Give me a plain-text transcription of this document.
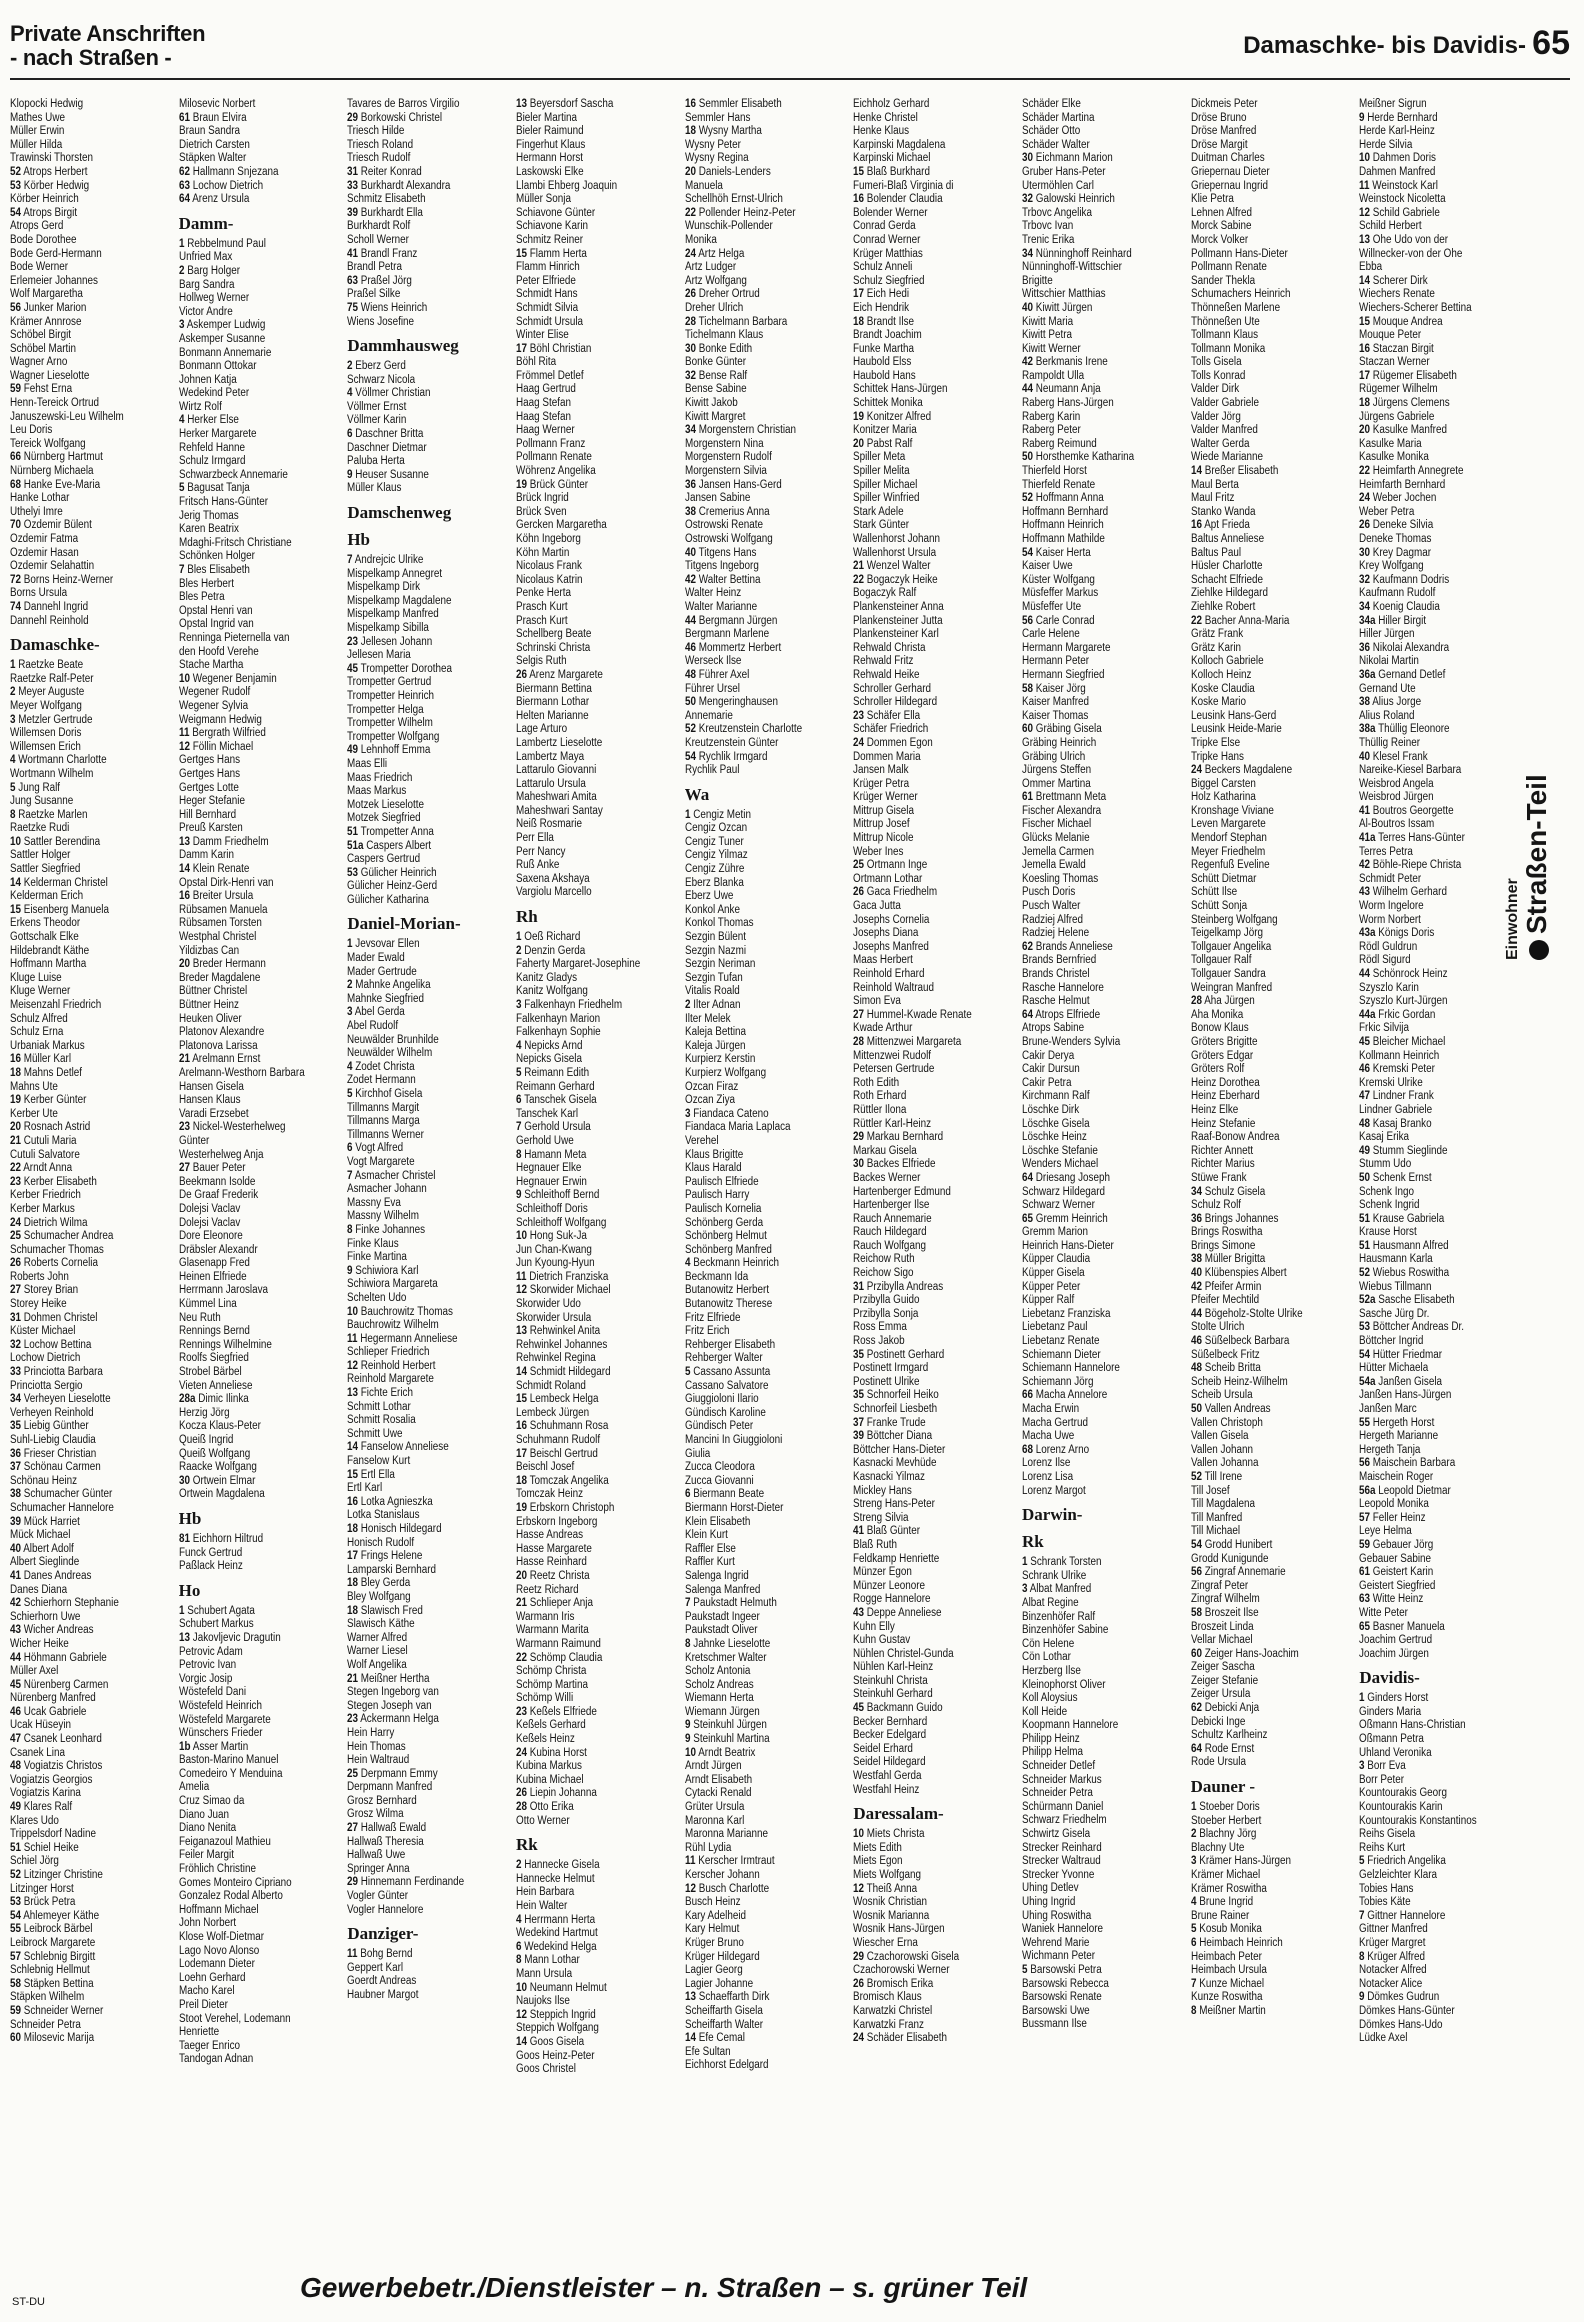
Private Anschriften
- nach Straßen -	Damaschke- bis Davidis- 65
Klopocki Hedwig
Mathes Uwe
Müller Erwin
Müller Hilda
Trawinski Thorsten
52 Atrops Herbert
53 Körber Hedwig
Körber Heinrich
54 Atrops Birgit
Atrops Gerd
Bode Dorothee
Bode Gerd-Hermann
Bode Werner
Erlemeier Johannes
Wolf Margaretha
56 Junker Marion
Krämer Annrose
Schöbel Birgit
Schöbel Martin
Wagner Arno
Wagner Lieselotte
59 Fehst Erna
Henn-Tereick Ortrud
Januszewski-Leu Wilhelm
Leu Doris
Tereick Wolfgang
66 Nürnberg Hartmut
Nürnberg Michaela
68 Hanke Eve-Maria
Hanke Lothar
Uthelyi Imre
70 Özdemir Bülent
Özdemir Fatma
Özdemir Hasan
Özdemir Selahattin
72 Borns Heinz-Werner
Borns Ursula
74 Dannehl Ingrid
Dannehl Reinhold
Damaschke-
1 Raetzke Beate
Raetzke Ralf-Peter
2 Meyer Auguste
Meyer Wolfgang
3 Metzler Gertrude
Willemsen Doris
Willemsen Erich
4 Wortmann Charlotte
Wortmann Wilhelm
5 Jung Ralf
Jung Susanne
8 Raetzke Marlen
Raetzke Rudi
10 Sattler Berendina
Sattler Holger
Sattler Siegfried
14 Kelderman Christel
Kelderman Erich
15 Eisenberg Manuela
Erkens Theodor
Gottschalk Elke
Hildebrandt Käthe
Hoffmann Martha
Kluge Luise
Kluge Werner
Meisenzahl Friedrich
Schulz Alfred
Schulz Erna
Urbaniak Markus
16 Müller Karl
18 Mahns Detlef
Mahns Ute
19 Kerber Günter
Kerber Ute
20 Rosnach Astrid
21 Cutuli Maria
Cutuli Salvatore
22 Arndt Anna
23 Kerber Elisabeth
Kerber Friedrich
Kerber Markus
24 Dietrich Wilma
25 Schumacher Andrea
Schumacher Thomas
26 Roberts Cornelia
Roberts John
27 Storey Brian
Storey Heike
31 Dohmen Christel
Küster Michael
32 Lochow Bettina
Lochow Dietrich
33 Princiotta Barbara
Princiotta Sergio
34 Verheyen Lieselotte
Verheyen Reinhold
35 Liebig Günther
Suhl-Liebig Claudia
36 Frieser Christian
37 Schönau Carmen
Schönau Heinz
38 Schumacher Günter
Schumacher Hannelore
39 Mück Harriet
Mück Michael
40 Albert Adolf
Albert Sieglinde
41 Danes Andreas
Danes Diana
42 Schierhorn Stephanie
Schierhorn Uwe
43 Wicher Andreas
Wicher Heike
44 Höhmann Gabriele
Müller Axel
45 Nürenberg Carmen
Nürenberg Manfred
46 Ucak Gabriele
Ucak Hüseyin
47 Csanek Leonhard
Csanek Lina
48 Vogiatzis Christos
Vogiatzis Georgios
Vogiatzis Karina
49 Klares Ralf
Klares Udo
Trippelsdorf Nadine
51 Schiel Heike
Schiel Jörg
52 Litzinger Christine
Litzinger Horst
53 Brück Petra
54 Ahlemeyer Käthe
55 Leibrock Bärbel
Leibrock Margarete
57 Schlebnig Birgitt
Schlebnig Hellmut
58 Stäpken Bettina
Stäpken Wilhelm
59 Schneider Werner
Schneider Petra
60 Milosevic Marija
Milosevic Norbert
61 Braun Elvira
Braun Sandra
Dietrich Carsten
Stäpken Walter
62 Hallmann Snjezana
63 Lochow Dietrich
64 Arenz Ursula
Damm-
1 Rebbelmund Paul
Unfried Max
2 Barg Holger
Barg Sandra
Hollweg Werner
Victor Andre
3 Askemper Ludwig
Askemper Susanne
Bonmann Annemarie
Bonmann Ottokar
Johnen Katja
Wedekind Peter
Wirtz Rolf
4 Herker Else
Herker Margarete
Rehfeld Hanne
Schulz Irmgard
Schwarzbeck Annemarie
5 Bagusat Tanja
Fritsch Hans-Günter
Jerig Thomas
Karen Beatrix
Mdaghi-Fritsch Christiane
Schönken Holger
7 Bles Elisabeth
Bles Herbert
Bles Petra
Opstal Henri van
Opstal Ingrid van
Renninga Pieternella van
den Hoofd Verehe
Stache Martha
10 Wegener Benjamin
Wegener Rudolf
Wegener Sylvia
Weigmann Hedwig
11 Bergrath Wilfried
12 Föllin Michael
Gertges Hans
Gertges Hans
Gertges Lotte
Heger Stefanie
Hill Bernhard
Preuß Karsten
13 Damm Friedhelm
Damm Karin
14 Klein Renate
Opstal Dirk-Henri van
16 Breiter Ursula
Rübsamen Manuela
Rübsamen Torsten
Westphal Christel
Yildizbas Can
20 Breder Hermann
Breder Magdalene
Büttner Christel
Büttner Heinz
Heuken Oliver
Platonov Alexandre
Platonova Larissa
21 Arelmann Ernst
Arelmann-Westhorn Barbara
Hansen Gisela
Hansen Klaus
Varadi Erzsebet
23 Nickel-Westerhelweg
Günter
Westerhelweg Anja
27 Bauer Peter
Beekmann Isolde
De Graaf Frederik
Dolejsi Vaclav
Dolejsi Vaclav
Dore Eleonore
Dräbsler Alexandr
Glasenapp Fred
Heinen Elfriede
Herrmann Jaroslava
Kümmel Lina
Neu Ruth
Rennings Bernd
Rennings Wilhelmine
Roolfs Siegfried
Strobel Bärbel
Vieten Anneliese
28a Dimic Ilinka
Herzig Jörg
Kocza Klaus-Peter
Queiß Ingrid
Queiß Wolfgang
Raacke Wolfgang
30 Ortwein Elmar
Ortwein Magdalena
Hb
81 Eichhorn Hiltrud
Funck Gertrud
Paßlack Heinz
Ho
1 Schubert Agata
Schubert Markus
13 Jakovljevic Dragutin
Petrovic Adam
Petrovic Ivan
Vorgic Josip
Wöstefeld Dani
Wöstefeld Heinrich
Wöstefeld Margarete
Wünschers Frieder
1b Asser Martin
Baston-Marino Manuel
Comedeiro Y Menduina
Amelia
Cruz Simao da
Diano Juan
Diano Nenita
Feiganazoul Mathieu
Feiler Margit
Fröhlich Christine
Gomes Monteiro Cipriano
Gonzalez Rodal Alberto
Hoffmann Michael
John Norbert
Klose Wolf-Dietmar
Lago Novo Alonso
Lodemann Dieter
Loehn Gerhard
Macho Karel
Preil Dieter
Stoot Verehel, Lodemann
Henriette
Taeger Enrico
Tandogan Adnan
Tavares de Barros Virgilio
29 Borkowski Christel
Triesch Hilde
Triesch Roland
Triesch Rudolf
31 Reiter Konrad
33 Burkhardt Alexandra
Schmitz Elisabeth
39 Burkhardt Ella
Burkhardt Rolf
Scholl Werner
41 Brandl Franz
Brandl Petra
63 Praßel Jörg
Praßel Silke
75 Wiens Heinrich
Wiens Josefine
Dammhausweg
2 Eberz Gerd
Schwarz Nicola
4 Völlmer Christian
Völlmer Ernst
Völlmer Karin
6 Daschner Britta
Daschner Dietmar
Paluba Herta
9 Heuser Susanne
Müller Klaus
Damschenweg
Hb
7 Andrejcic Ulrike
Mispelkamp Annegret
Mispelkamp Dirk
Mispelkamp Magdalene
Mispelkamp Manfred
Mispelkamp Sibilla
23 Jellesen Johann
Jellesen Maria
45 Trompetter Dorothea
Trompetter Gertrud
Trompetter Heinrich
Trompetter Helga
Trompetter Wilhelm
Trompetter Wolfgang
49 Lehnhoff Emma
Maas Elli
Maas Friedrich
Maas Markus
Motzek Lieselotte
Motzek Siegfried
51 Trompetter Anna
51a Caspers Albert
Caspers Gertrud
53 Gülicher Heinrich
Gülicher Heinz-Gerd
Gülicher Katharina
Daniel-Morian-
1 Jevsovar Ellen
Mader Ewald
Mader Gertrude
2 Mahnke Angelika
Mahnke Siegfried
3 Abel Gerda
Abel Rudolf
Neuwälder Brunhilde
Neuwälder Wilhelm
4 Zodet Christa
Zodet Hermann
5 Kirchhof Gisela
Tillmanns Margit
Tillmanns Marga
Tillmanns Werner
6 Vogt Alfred
Vogt Margarete
7 Asmacher Christel
Asmacher Johann
Massny Eva
Massny Wilhelm
8 Finke Johannes
Finke Klaus
Finke Martina
9 Schiwiora Karl
Schiwiora Margareta
Schelten Udo
10 Bauchrowitz Thomas
Bauchrowitz Wilhelm
11 Hegermann Anneliese
Schlieper Friedrich
12 Reinhold Herbert
Reinhold Margarete
13 Fichte Erich
Schmitt Lothar
Schmitt Rosalia
Schmitt Uwe
14 Fanselow Anneliese
Fanselow Kurt
15 Ertl Ella
Ertl Karl
16 Lotka Agnieszka
Lotka Stanislaus
18 Honisch Hildegard
Honisch Rudolf
17 Frings Helene
Lamparski Bernhard
18 Bley Gerda
Bley Wolfgang
18 Slawisch Fred
Slawisch Käthe
Warner Alfred
Warner Liesel
Wolf Angelika
21 Meißner Hertha
Stegen Ingeborg van
Stegen Joseph van
23 Ackermann Helga
Hein Harry
Hein Thomas
Hein Waltraud
25 Derpmann Emmy
Derpmann Manfred
Grosz Bernhard
Grosz Wilma
27 Hallwaß Ewald
Hallwaß Theresia
Hallwaß Uwe
Springer Anna
29 Hinnemann Ferdinande
Vogler Günter
Vogler Hannelore
Danziger-
11 Bohg Bernd
Geppert Karl
Goerdt Andreas
Haubner Margot
13 Beyersdorf Sascha
Bieler Martina
Bieler Raimund
Fingerhut Klaus
Hermann Horst
Laskowski Elke
Llambi Ehberg Joaquin
Müller Sonja
Schiavone Günter
Schiavone Karin
Schmitz Reiner
15 Flamm Herta
Flamm Hinrich
Peter Elfriede
Schmidt Hans
Schmidt Silvia
Schmidt Ursula
Winter Elise
17 Böhl Christian
Böhl Rita
Frömmel Detlef
Haag Gertrud
Haag Stefan
Haag Stefan
Haag Werner
Pollmann Franz
Pollmann Renate
Wöhrenz Angelika
19 Brück Günter
Brück Ingrid
Brück Sven
Gercken Margaretha
Köhn Ingeborg
Köhn Martin
Nicolaus Frank
Nicolaus Katrin
Penke Herta
Prasch Kurt
Prasch Kurt
Schellberg Beate
Schrinski Christa
Selgis Ruth
26 Arenz Margarete
Biermann Bettina
Biermann Lothar
Helten Marianne
Lage Arturo
Lambertz Lieselotte
Lambertz Maya
Lattarulo Giovanni
Lattarulo Ursula
Maheshwari Amita
Maheshwari Santay
Neiß Rosmarie
Perr Ella
Perr Nancy
Ruß Anke
Saxena Akshaya
Vargiolu Marcello
Rh
1 Oeß Richard
2 Denzin Gerda
Faherty Margaret-Josephine
Kanitz Gladys
Kanitz Wolfgang
3 Falkenhayn Friedhelm
Falkenhayn Marion
Falkenhayn Sophie
4 Nepicks Arnd
Nepicks Gisela
5 Reimann Edith
Reimann Gerhard
6 Tanschek Gisela
Tanschek Karl
7 Gerhold Ursula
Gerhold Uwe
8 Hamann Meta
Hegnauer Elke
Hegnauer Erwin
9 Schleithoff Bernd
Schleithoff Doris
Schleithoff Wolfgang
10 Hong Suk-Ja
Jun Chan-Kwang
Jun Kyoung-Hyun
11 Dietrich Franziska
12 Skorwider Michael
Skorwider Udo
Skorwider Ursula
13 Rehwinkel Anita
Rehwinkel Johannes
Rehwinkel Regina
14 Schmidt Hildegard
Schmidt Roland
15 Lembeck Helga
Lembeck Jürgen
16 Schuhmann Rosa
Schuhmann Rudolf
17 Beischl Gertrud
Beischl Josef
18 Tomczak Angelika
Tomczak Heinz
19 Erbskorn Christoph
Erbskorn Ingeborg
Hasse Andreas
Hasse Margarete
Hasse Reinhard
20 Reetz Christa
Reetz Richard
21 Schlieper Anja
Warmann Iris
Warmann Marita
Warmann Raimund
22 Schömp Claudia
Schömp Christa
Schömp Martina
Schömp Willi
23 Keßels Elfriede
Keßels Gerhard
Keßels Heinz
24 Kubina Horst
Kubina Markus
Kubina Michael
26 Liepin Johanna
28 Otto Erika
Otto Werner
Rk
2 Hannecke Gisela
Hannecke Helmut
Hein Barbara
Hein Walter
4 Herrmann Herta
Wedekind Hartmut
6 Wedekind Helga
8 Mann Lothar
Mann Ursula
10 Neumann Helmut
Naujoks Ilse
12 Steppich Ingrid
Steppich Wolfgang
14 Goos Gisela
Goos Heinz-Peter
Goos Christel
16 Semmler Elisabeth
Semmler Hans
18 Wysny Martha
Wysny Peter
Wysny Regina
20 Daniels-Lenders
Manuela
Schellhöh Ernst-Ulrich
22 Pollender Heinz-Peter
Wunschik-Pollender
Monika
24 Artz Helga
Artz Ludger
Artz Wolfgang
26 Dreher Ortrud
Dreher Ulrich
28 Tichelmann Barbara
Tichelmann Klaus
30 Bonke Edith
Bonke Günter
32 Bense Ralf
Bense Sabine
Kiwitt Jakob
Kiwitt Margret
34 Morgenstern Christian
Morgenstern Nina
Morgenstern Rudolf
Morgenstern Silvia
36 Jansen Hans-Gerd
Jansen Sabine
38 Cremerius Anna
Ostrowski Renate
Ostrowski Wolfgang
40 Titgens Hans
Titgens Ingeborg
42 Walter Bettina
Walter Heinz
Walter Marianne
44 Bergmann Jürgen
Bergmann Marlene
46 Mommertz Herbert
Werseck Ilse
48 Führer Axel
Führer Ursel
50 Mengeringhausen
Annemarie
52 Kreutzenstein Charlotte
Kreutzenstein Günter
54 Rychlik Irmgard
Rychlik Paul
Wa
1 Cengiz Metin
Cengiz Ozcan
Cengiz Tuner
Cengiz Yilmaz
Cengiz Zühre
Eberz Blanka
Eberz Uwe
Konkol Anke
Konkol Thomas
Sezgin Bülent
Sezgin Nazmi
Sezgin Neriman
Sezgin Tufan
Vitalis Roald
2 Ilter Adnan
Ilter Melek
Kaleja Bettina
Kaleja Jürgen
Kurpierz Kerstin
Kurpierz Wolfgang
Özcan Firaz
Özcan Ziya
3 Fiandaca Cateno
Fiandaca Maria Laplaca
Verehel
Klaus Brigitte
Klaus Harald
Paulisch Elfriede
Paulisch Harry
Paulisch Kornelia
Schönberg Gerda
Schönberg Helmut
Schönberg Manfred
4 Beckmann Heinrich
Beckmann Ida
Butanowitz Herbert
Butanowitz Therese
Fritz Elfriede
Fritz Erich
Rehberger Elisabeth
Rehberger Walter
5 Cassano Assunta
Cassano Salvatore
Giuggioloni Ilario
Gündisch Karoline
Gündisch Peter
Mancini In Giuggioloni
Giulia
Zucca Cleodora
Zucca Giovanni
6 Biermann Beate
Biermann Horst-Dieter
Klein Elisabeth
Klein Kurt
Raffler Else
Raffler Kurt
Salenga Ingrid
Salenga Manfred
7 Paukstadt Helmuth
Paukstadt Ingeer
Paukstadt Oliver
8 Jahnke Lieselotte
Kretschmer Walter
Scholz Antonia
Scholz Andreas
Wiemann Herta
Wiemann Jürgen
9 Steinkuhl Jürgen
9 Steinkuhl Martina
10 Arndt Beatrix
Arndt Jürgen
Arndt Elisabeth
Cytacki Renald
Grüter Ursula
Maronna Karl
Maronna Marianne
Rühl Lydia
11 Kerscher Irmtraut
Kerscher Johann
12 Busch Charlotte
Busch Heinz
Kary Adelheid
Kary Helmut
Krüger Bruno
Krüger Hildegard
Lagier Georg
Lagier Johanne
13 Schaeffarth Dirk
Scheiffarth Gisela
Scheiffarth Walter
14 Efe Cemal
Efe Sultan
Eichhorst Edelgard
Eichholz Gerhard
Henke Christel
Henke Klaus
Karpinski Magdalena
Karpinski Michael
15 Blaß Burkhard
Fumeri-Blaß Virginia di
16 Bolender Claudia
Bolender Werner
Conrad Gerda
Conrad Werner
Krüger Matthias
Schulz Anneli
Schulz Siegfried
17 Eich Hedi
Eich Hendrik
18 Brandt Ilse
Brandt Joachim
Funke Martha
Haubold Elss
Haubold Hans
Schittek Hans-Jürgen
Schittek Monika
19 Konitzer Alfred
Konitzer Maria
20 Pabst Ralf
Spiller Meta
Spiller Melita
Spiller Michael
Spiller Winfried
Stark Adele
Stark Günter
Wallenhorst Johann
Wallenhorst Ursula
21 Wenzel Walter
22 Bogaczyk Heike
Bogaczyk Ralf
Plankensteiner Anna
Plankensteiner Jutta
Plankensteiner Karl
Rehwald Christa
Rehwald Fritz
Rehwald Heike
Schroller Gerhard
Schroller Hildegard
23 Schäfer Ella
Schäfer Friedrich
24 Dommen Egon
Dommen Maria
Jansen Malk
Krüger Petra
Krüger Werner
Mittrup Gisela
Mittrup Josef
Mittrup Nicole
Weber Ines
25 Ortmann Inge
Ortmann Lothar
26 Gaca Friedhelm
Gaca Jutta
Josephs Cornelia
Josephs Diana
Josephs Manfred
Maas Herbert
Reinhold Erhard
Reinhold Waltraud
Simon Eva
27 Hummel-Kwade Renate
Kwade Arthur
28 Mittenzwei Margareta
Mittenzwei Rudolf
Petersen Gertrude
Roth Edith
Roth Erhard
Rüttler Ilona
Rüttler Karl-Heinz
29 Markau Bernhard
Markau Gisela
30 Backes Elfriede
Backes Werner
Hartenberger Edmund
Hartenberger Ilse
Rauch Annemarie
Rauch Hildegard
Rauch Wolfgang
Reichow Ruth
Reichow Sigo
31 Przibylla Andreas
Przibylla Guido
Przibylla Sonja
Ross Emma
Ross Jakob
35 Postinett Gerhard
Postinett Irmgard
Postinett Ulrike
35 Schnorfeil Heiko
Schnorfeil Liesbeth
37 Franke Trude
39 Böttcher Diana
Böttcher Hans-Dieter
Kasnacki Mevhüde
Kasnacki Yilmaz
Mickley Hans
Streng Hans-Peter
Streng Silvia
41 Blaß Günter
Blaß Ruth
Feldkamp Henriette
Münzer Egon
Münzer Leonore
Rogge Hannelore
43 Deppe Anneliese
Kuhn Elly
Kuhn Gustav
Nühlen Christel-Gunda
Nühlen Karl-Heinz
Steinkuhl Christa
Steinkuhl Gerhard
45 Backmann Guido
Becker Bernhard
Becker Edelgard
Seidel Erhard
Seidel Hildegard
Westfahl Gerda
Westfahl Heinz
Daressalam-
10 Miets Christa
Miets Edith
Miets Egon
Miets Wolfgang
12 Theiß Anna
Wosnik Christian
Wosnik Marianna
Wosnik Hans-Jürgen
Wiescher Erna
29 Czachorowski Gisela
Czachorowski Werner
26 Bromisch Erika
Bromisch Klaus
Karwatzki Christel
Karwatzki Franz
24 Schäder Elisabeth
Schäder Elke
Schäder Martina
Schäder Otto
Schäder Walter
30 Eichmann Marion
Gruber Hans-Peter
Utermöhlen Carl
32 Galowski Heinrich
Trbovc Angelika
Trbovc Ivan
Trenic Erika
34 Nünninghoff Reinhard
Nünninghoff-Wittschier
Brigitte
Wittschier Matthias
40 Kiwitt Jürgen
Kiwitt Maria
Kiwitt Petra
Kiwitt Werner
42 Berkmanis Irene
Rampoldt Ulla
44 Neumann Anja
Raberg Hans-Jürgen
Raberg Karin
Raberg Peter
Raberg Reimund
50 Horsthemke Katharina
Thierfeld Horst
Thierfeld Renate
52 Hoffmann Anna
Hoffmann Bernhard
Hoffmann Heinrich
Hoffmann Mathilde
54 Kaiser Herta
Kaiser Uwe
Küster Wolfgang
Müsfeffer Markus
Müsfeffer Ute
56 Carle Conrad
Carle Helene
Hermann Margarete
Hermann Peter
Hermann Siegfried
58 Kaiser Jörg
Kaiser Manfred
Kaiser Thomas
60 Gräbing Gisela
Gräbing Heinrich
Gräbing Ulrich
Jürgens Steffen
Ommer Martina
61 Brettmann Meta
Fischer Alexandra
Fischer Michael
Glücks Melanie
Jemella Carmen
Jemella Ewald
Koesling Thomas
Pusch Doris
Pusch Walter
Radziej Alfred
Radziej Helene
62 Brands Anneliese
Brands Bernfried
Brands Christel
Rasche Hannelore
Rasche Helmut
64 Atrops Elfriede
Atrops Sabine
Brune-Wenders Sylvia
Cakir Derya
Cakir Dursun
Cakir Petra
Kirchmann Ralf
Löschke Dirk
Löschke Gisela
Löschke Heinz
Löschke Stefanie
Wenders Michael
64 Driesang Joseph
Schwarz Hildegard
Schwarz Werner
65 Gremm Heinrich
Gremm Marion
Heinrich Hans-Dieter
Küpper Claudia
Küpper Gisela
Küpper Peter
Küpper Ralf
Liebetanz Franziska
Liebetanz Paul
Liebetanz Renate
Schiemann Dieter
Schiemann Hannelore
Schiemann Jörg
66 Macha Annelore
Macha Erwin
Macha Gertrud
Macha Uwe
68 Lorenz Arno
Lorenz Ilse
Lorenz Lisa
Lorenz Margot
Darwin-
Rk
1 Schrank Torsten
Schrank Ulrike
3 Albat Manfred
Albat Regine
Binzenhöfer Ralf
Binzenhöfer Sabine
Cön Helene
Cön Lothar
Herzberg Ilse
Kleinophorst Oliver
Koll Aloysius
Koll Heide
Koopmann Hannelore
Philipp Heinz
Philipp Helma
Schneider Detlef
Schneider Markus
Schneider Petra
Schürmann Daniel
Schwarz Friedhelm
Schwirtz Gisela
Strecker Reinhard
Strecker Waltraud
Strecker Yvonne
Uhing Detlev
Uhing Ingrid
Uhing Roswitha
Waniek Hannelore
Wehrend Marie
Wichmann Peter
5 Barsowski Petra
Barsowski Rebecca
Barsowski Renate
Barsowski Uwe
Bussmann Ilse
Dickmeis Peter
Dröse Bruno
Dröse Manfred
Dröse Margit
Duitman Charles
Griepernau Dieter
Griepernau Ingrid
Klie Petra
Lehnen Alfred
Morck Sabine
Morck Volker
Pollmann Hans-Dieter
Pollmann Renate
Sander Thekla
Schumachers Heinrich
Thönneßen Marlene
Thönneßen Ute
Tollmann Klaus
Tollmann Monika
Tolls Gisela
Tolls Konrad
Valder Dirk
Valder Gabriele
Valder Jörg
Valder Manfred
Walter Gerda
Wiede Marianne
14 Breßer Elisabeth
Maul Berta
Maul Fritz
Stanko Wanda
16 Apt Frieda
Baltus Anneliese
Baltus Paul
Hüsler Charlotte
Schacht Elfriede
Ziehlke Hildegard
Ziehlke Robert
22 Bacher Anna-Maria
Grätz Frank
Grätz Karin
Kolloch Gabriele
Kolloch Heinz
Koske Claudia
Koske Mario
Leusink Hans-Gerd
Leusink Heide-Marie
Tripke Else
Tripke Hans
24 Beckers Magdalene
Biggel Carsten
Holz Katharina
Kronshage Viviane
Leven Margarete
Mendorf Stephan
Meyer Friedhelm
Regenfuß Eveline
Schütt Dietmar
Schütt Ilse
Schütt Sonja
Steinberg Wolfgang
Teigelkamp Jörg
Tollgauer Angelika
Tollgauer Ralf
Tollgauer Sandra
Weingran Manfred
28 Aha Jürgen
Aha Monika
Bonow Klaus
Gröters Brigitte
Gröters Edgar
Gröters Rolf
Heinz Dorothea
Heinz Eberhard
Heinz Elke
Heinz Stefanie
Raaf-Bonow Andrea
Richter Annett
Richter Marius
Stüwe Frank
34 Schulz Gisela
Schulz Rolf
36 Brings Johannes
Brings Roswitha
Brings Simone
38 Müller Brigitta
40 Klübenspies Albert
42 Pfeifer Armin
Pfeifer Mechtild
44 Bögeholz-Stolte Ulrike
Stolte Ulrich
46 Süßelbeck Barbara
Süßelbeck Fritz
48 Scheib Britta
Scheib Heinz-Wilhelm
Scheib Ursula
50 Vallen Andreas
Vallen Christoph
Vallen Gisela
Vallen Johann
Vallen Johanna
52 Till Irene
Till Josef
Till Magdalena
Till Manfred
Till Michael
54 Grodd Hunibert
Grodd Kunigunde
56 Zingraf Annemarie
Zingraf Peter
Zingraf Wilhelm
58 Broszeit Ilse
Broszeit Linda
Vellar Michael
60 Zeiger Hans-Joachim
Zeiger Sascha
Zeiger Stefanie
Zeiger Ursula
62 Debicki Anja
Debicki Inge
Schultz Karlheinz
64 Rode Ernst
Rode Ursula
Dauner -
1 Stoeber Doris
Stoeber Herbert
2 Blachny Jörg
Blachny Ute
3 Krämer Hans-Jürgen
Krämer Michael
Krämer Roswitha
4 Brune Ingrid
Brune Rainer
5 Kosub Monika
6 Heimbach Heinrich
Heimbach Peter
Heimbach Ursula
7 Kunze Michael
Kunze Roswitha
8 Meißner Martin
Meißner Sigrun
9 Herde Bernhard
Herde Karl-Heinz
Herde Silvia
10 Dahmen Doris
Dahmen Manfred
11 Weinstock Karl
Weinstock Nicoletta
12 Schild Gabriele
Schild Herbert
13 Ohe Udo von der
Willnecker-von der Ohe
Ebba
14 Scherer Dirk
Wiechers Renate
Wiechers-Scherer Bettina
15 Mouque Andrea
Mouque Peter
16 Staczan Birgit
Staczan Werner
17 Rügemer Elisabeth
Rügemer Wilhelm
18 Jürgens Clemens
Jürgens Gabriele
20 Kasulke Manfred
Kasulke Maria
Kasulke Monika
22 Heimfarth Annegrete
Heimfarth Bernhard
24 Weber Jochen
Weber Petra
26 Deneke Silvia
Deneke Thomas
30 Krey Dagmar
Krey Wolfgang
32 Kaufmann Dodris
Kaufmann Rudolf
34 Koenig Claudia
34a Hiller Birgit
Hiller Jürgen
36 Nikolai Alexandra
Nikolai Martin
36a Gernand Detlef
Gernand Ute
38 Alius Jorge
Alius Roland
38a Thüllig Eleonore
Thüllig Reiner
40 Klesel Frank
Nareike-Kiesel Barbara
Weisbrod Angela
Weisbrod Jürgen
41 Boutros Georgette
Al-Boutros Issam
41a Terres Hans-Günter
Terres Petra
42 Böhle-Riepe Christa
Schmidt Peter
43 Wilhelm Gerhard
Worm Ingelore
Worm Norbert
43a Königs Doris
Rödl Guldrun
Rödl Sigurd
44 Schönrock Heinz
Szyszlo Karin
Szyszlo Kurt-Jürgen
44a Frkic Gordan
Frkic Silvija
45 Bleicher Michael
Kollmann Heinrich
46 Kremski Peter
Kremski Ulrike
47 Lindner Frank
Lindner Gabriele
48 Kasaj Branko
Kasaj Erika
49 Stumm Sieglinde
Stumm Udo
50 Schenk Ernst
Schenk Ingo
Schenk Ingrid
51 Krause Gabriela
Krause Horst
51 Hausmann Alfred
Hausmann Karla
52 Wiebus Roswitha
Wiebus Tillmann
52a Sasche Elisabeth
Sasche Jürg Dr.
53 Böttcher Andreas Dr.
Böttcher Ingrid
54 Hütter Friedmar
Hütter Michaela
54a Janßen Gisela
Janßen Hans-Jürgen
Janßen Marc
55 Hergeth Horst
Hergeth Marianne
Hergeth Tanja
56 Maischein Barbara
Maischein Roger
56a Leopold Dietmar
Leopold Monika
57 Feller Heinz
Leye Helma
59 Gebauer Jörg
Gebauer Sabine
61 Geistert Karin
Geistert Siegfried
63 Witte Heinz
Witte Peter
65 Basner Manuela
Joachim Gertrud
Joachim Jürgen
Davidis-
1 Ginders Horst
Ginders Maria
Oßmann Hans-Christian
Oßmann Petra
Uhland Veronika
3 Borr Eva
Borr Peter
Kountourakis Georg
Kountourakis Karin
Kountourakis Konstantinos
Reihs Gisela
Reihs Kurt
5 Friedrich Angelika
Gelzleichter Klara
Tobies Hans
Tobies Käte
7 Gittner Hannelore
Gittner Manfred
Krüger Margret
8 Krüger Alfred
Notacker Alfred
Notacker Alice
9 Dömkes Gudrun
Dömkes Hans-Günter
Dömkes Hans-Udo
Lüdke Axel
Einwohner Straßen-Teil
Gewerbebetr./Dienstleister – n. Straßen – s. grüner Teil
ST-DU
